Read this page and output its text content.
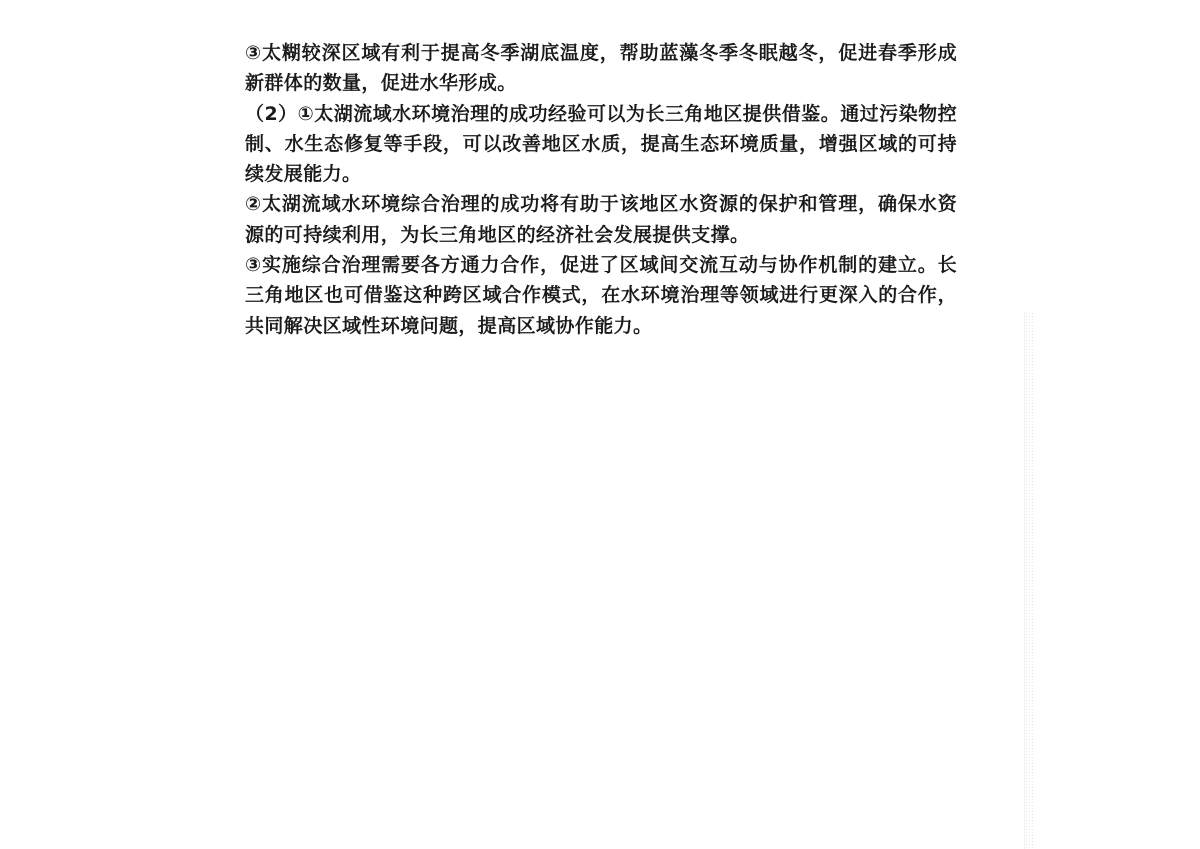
③太糊较深区域有利于提高冬季湖底温度，帮助蓝藻冬季冬眠越冬，促进春季形成新群体的数量，促进水华形成。

（2）①太湖流域水环境治理的成功经验可以为长三角地区提供借鉴。通过污染物控制、水生态修复等手段，可以改善地区水质，提高生态环境质量，增强区域的可持续发展能力。

②太湖流域水环境综合治理的成功将有助于该地区水资源的保护和管理，确保水资源的可持续利用，为长三角地区的经济社会发展提供支撑。

③实施综合治理需要各方通力合作，促进了区域间交流互动与协作机制的建立。长三角地区也可借鉴这种跨区域合作模式，在水环境治理等领域进行更深入的合作，共同解决区域性环境问题，提高区域协作能力。
